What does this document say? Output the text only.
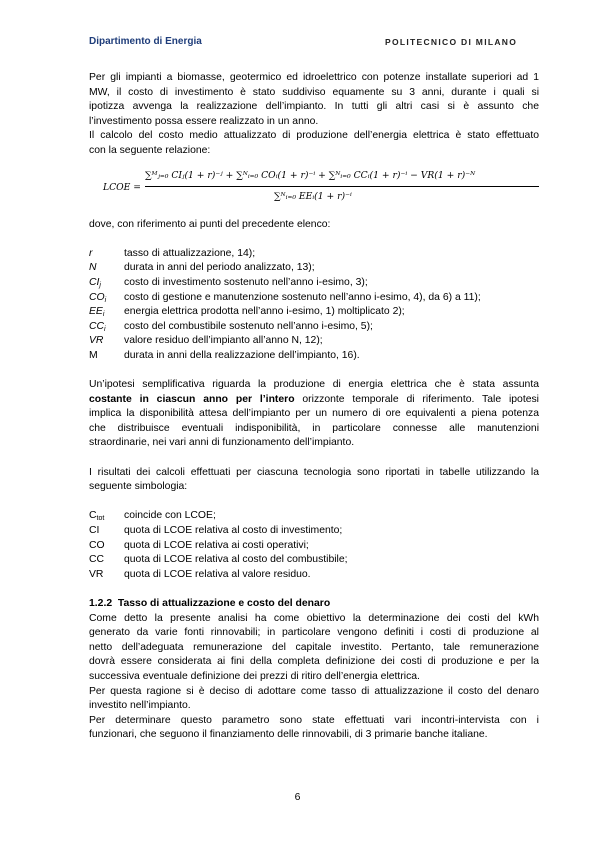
Dipartimento di Energia	POLITECNICO DI MILANO
Per gli impianti a biomasse, geotermico ed idroelettrico con potenze installate superiori ad 1
MW, il costo di investimento è stato suddiviso equamente su 3 anni, durante i quali si
ipotizza avvenga la realizzazione dell’impianto. In tutti gli altri casi si è assunto che
l’investimento possa essere realizzato in un anno.
Il calcolo del costo medio attualizzato di produzione dell’energia elettrica è stato effettuato
con la seguente relazione:
LCOE =
∑ᴹⱼ₌₀ CIⱼ(1 + r)⁻ʲ + ∑ᴺᵢ₌₀ COᵢ(1 + r)⁻ⁱ + ∑ᴺᵢ₌₀ CCᵢ(1 + r)⁻ⁱ − VR(1 + r)⁻ᴺ
∑ᴺᵢ₌₀ EEᵢ(1 + r)⁻ⁱ
dove, con riferimento ai punti del precedente elenco:
r	tasso di attualizzazione, 14);
N	durata in anni del periodo analizzato, 13);
$CI_j$	costo di investimento sostenuto nell’anno i-esimo, 3);
$CO_i$	costo di gestione e manutenzione sostenuto nell’anno i-esimo, 4), da 6) a 11);
$EE_i$	energia elettrica prodotta nell’anno i-esimo, 1) moltiplicato 2);
$CC_i$	costo del combustibile sostenuto nell’anno i-esimo, 5);
VR	valore residuo dell’impianto all’anno N, 12);
M	durata in anni della realizzazione dell’impianto, 16).
Un’ipotesi semplificativa riguarda la produzione di energia elettrica che è stata assunta
costante in ciascun anno per l’intero orizzonte temporale di riferimento. Tale ipotesi
implica la disponibilità attesa dell’impianto per un numero di ore equivalenti a piena potenza
che distribuisce eventuali indisponibilità, in particolare connesse alle manutenzioni
straordinarie, nei vari anni di funzionamento dell’impianto.
I risultati dei calcoli effettuati per ciascuna tecnologia sono riportati in tabelle utilizzando la
seguente simbologia:
$C_{tot}$	coincide con LCOE;
CI	quota di LCOE relativa al costo di investimento;
CO	quota di LCOE relativa ai costi operativi;
CC	quota di LCOE relativa al costo del combustibile;
VR	quota di LCOE relativa al valore residuo.
1.2.2 Tasso di attualizzazione e costo del denaro
Come detto la presente analisi ha come obiettivo la determinazione dei costi del kWh
generato da varie fonti rinnovabili; in particolare vengono definiti i costi di produzione al
netto dell’adeguata remunerazione del capitale investito. Pertanto, tale remunerazione
dovrà essere considerata ai fini della completa definizione dei costi di produzione e per la
successiva eventuale definizione dei prezzi di ritiro dell’energia elettrica.
Per questa ragione si è deciso di adottare come tasso di attualizzazione il costo del denaro
investito nell’impianto.
Per determinare questo parametro sono state effettuati vari incontri-intervista con i
funzionari, che seguono il finanziamento delle rinnovabili, di 3 primarie banche italiane.
6
